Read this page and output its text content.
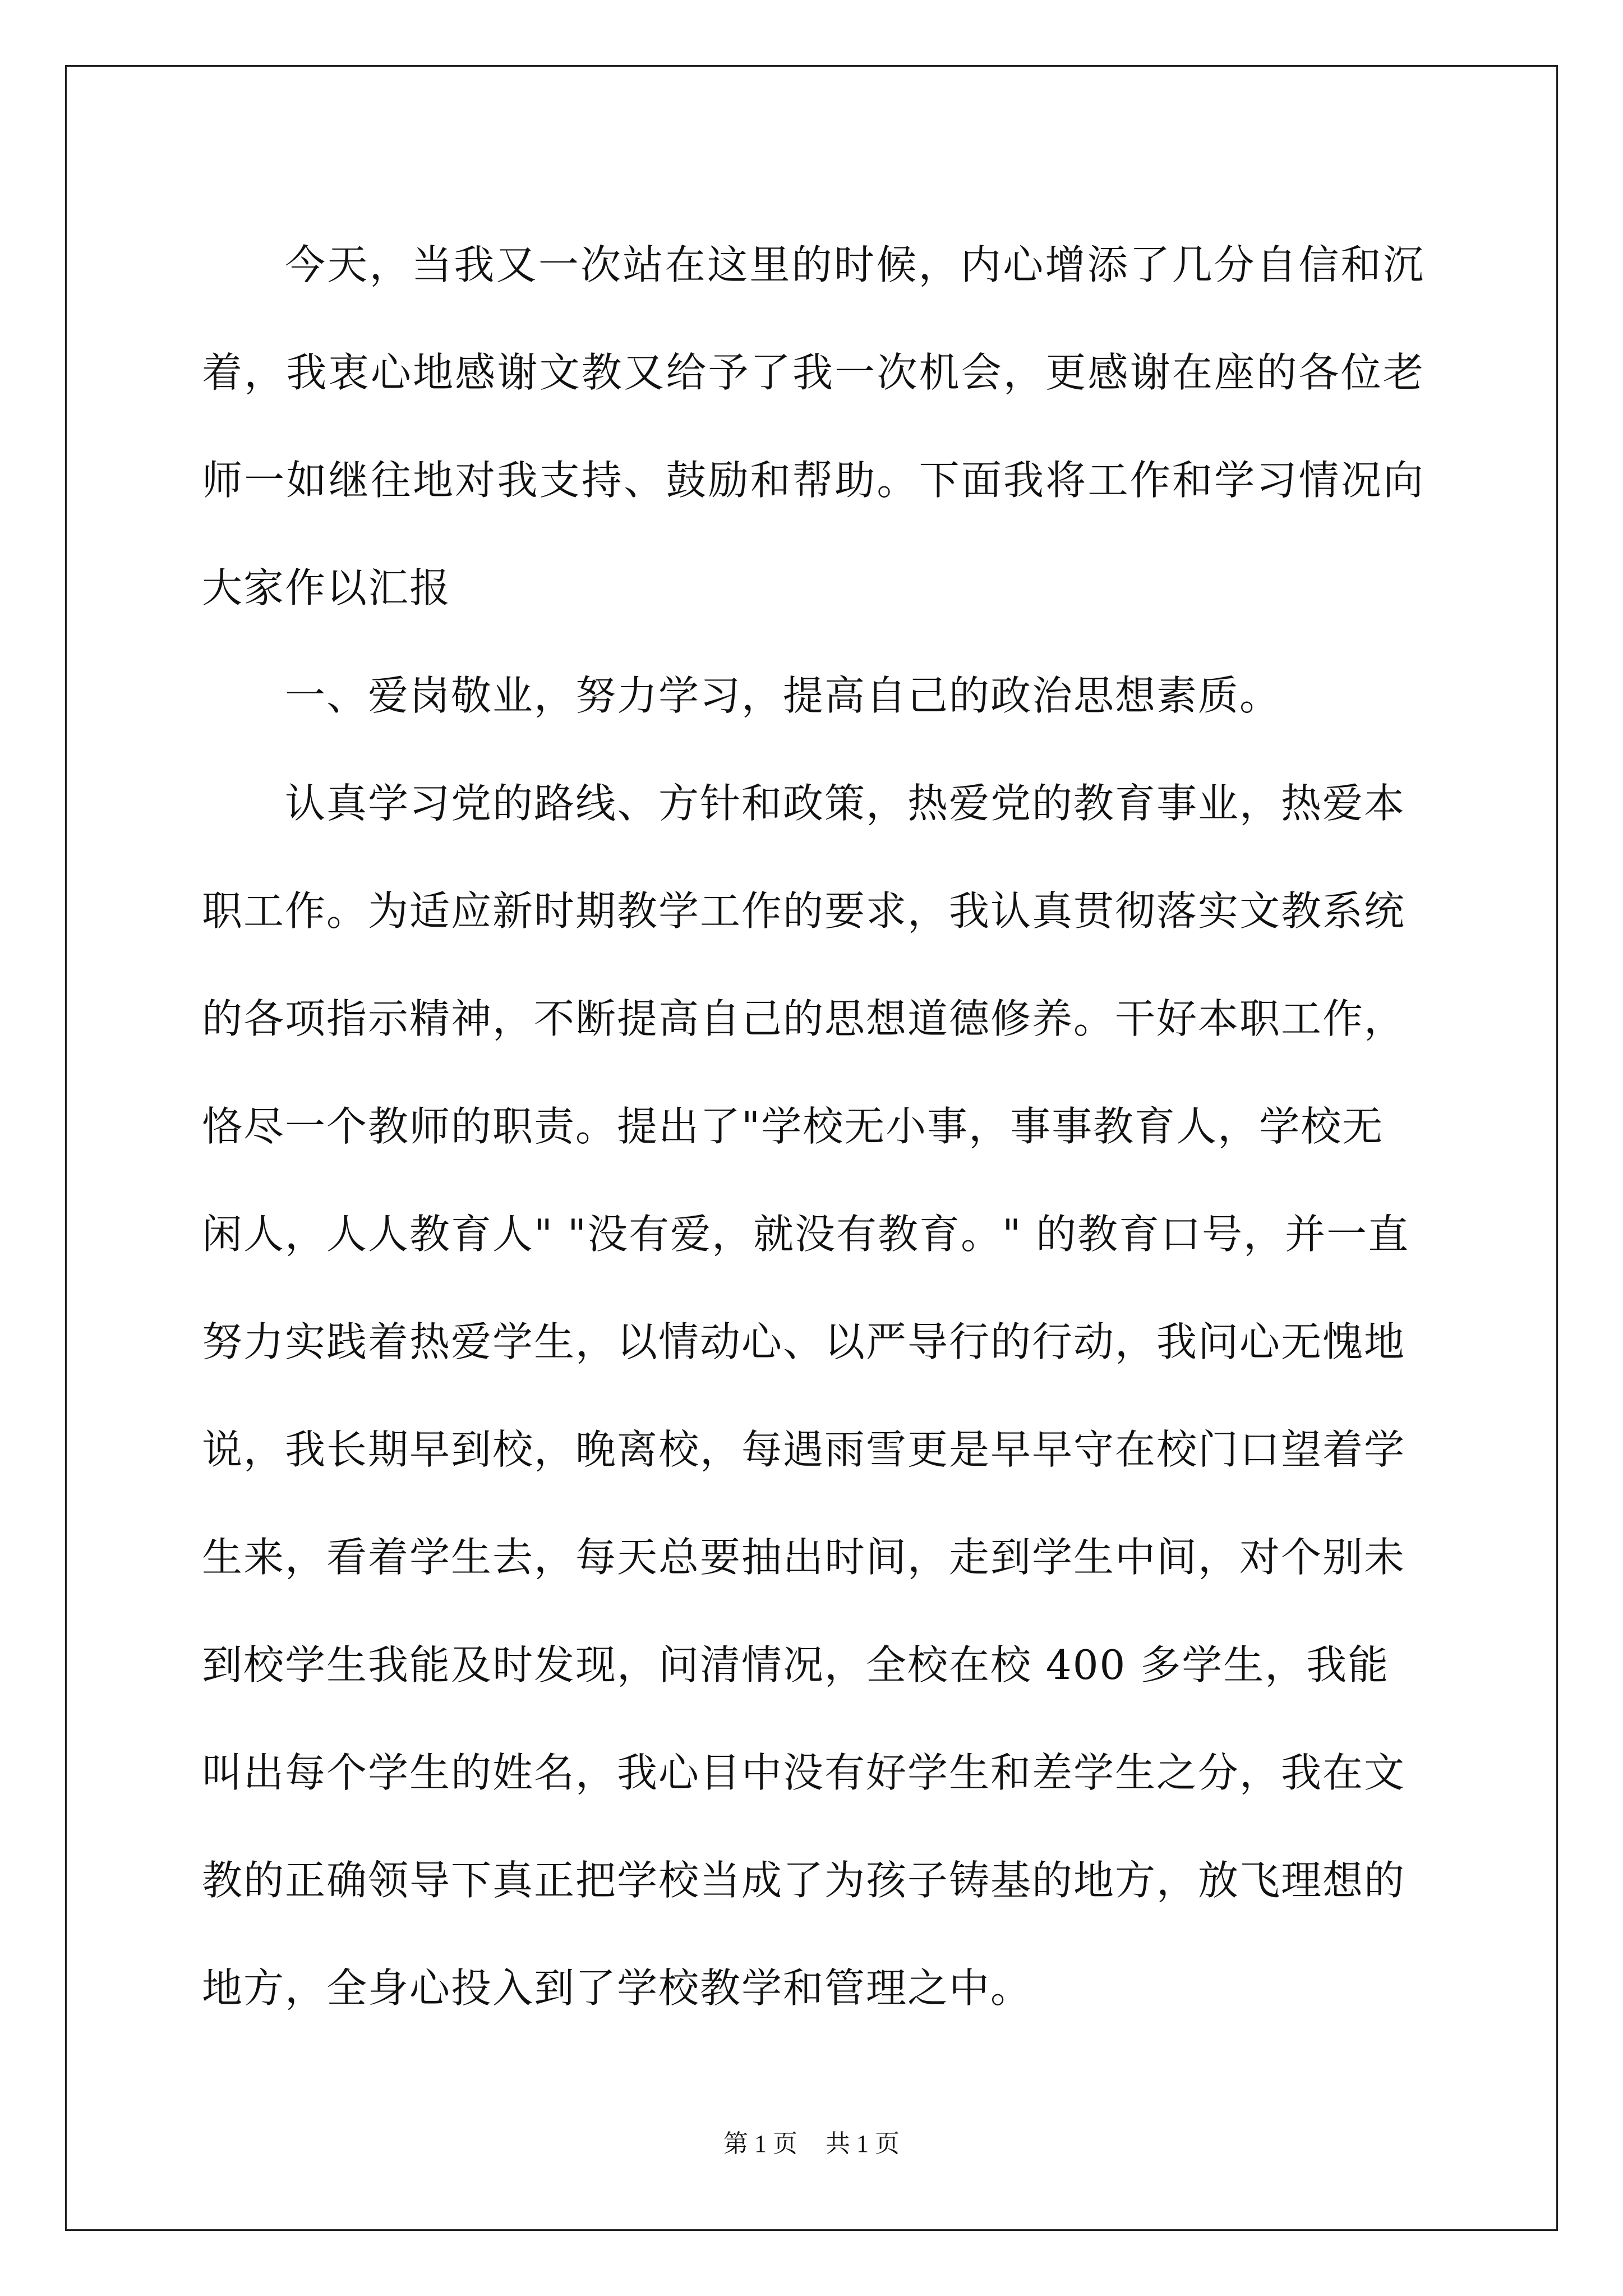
今天，当我又一次站在这里的时候，内心增添了几分自信和沉着，我衷心地感谢文教又给予了我一次机会，更感谢在座的各位老师一如继往地对我支持、鼓励和帮助。下面我将工作和学习情况向大家作以汇报

一、爱岗敬业，努力学习，提高自己的政治思想素质。

认真学习党的路线、方针和政策，热爱党的教育事业，热爱本职工作。为适应新时期教学工作的要求，我认真贯彻落实文教系统的各项指示精神，不断提高自己的思想道德修养。干好本职工作，恪尽一个教师的职责。提出了"学校无小事，事事教育人，学校无闲人，人人教育人" "没有爱，就没有教育。" 的教育口号，并一直努力实践着热爱学生，以情动心、以严导行的行动，我问心无愧地说，我长期早到校，晚离校，每遇雨雪更是早早守在校门口望着学生来，看着学生去，每天总要抽出时间，走到学生中间，对个别未到校学生我能及时发现，问清情况，全校在校 400 多学生，我能叫出每个学生的姓名，我心目中没有好学生和差学生之分，我在文教的正确领导下真正把学校当成了为孩子铸基的地方，放飞理想的地方，全身心投入到了学校教学和管理之中。

第 1 页 共 1 页
